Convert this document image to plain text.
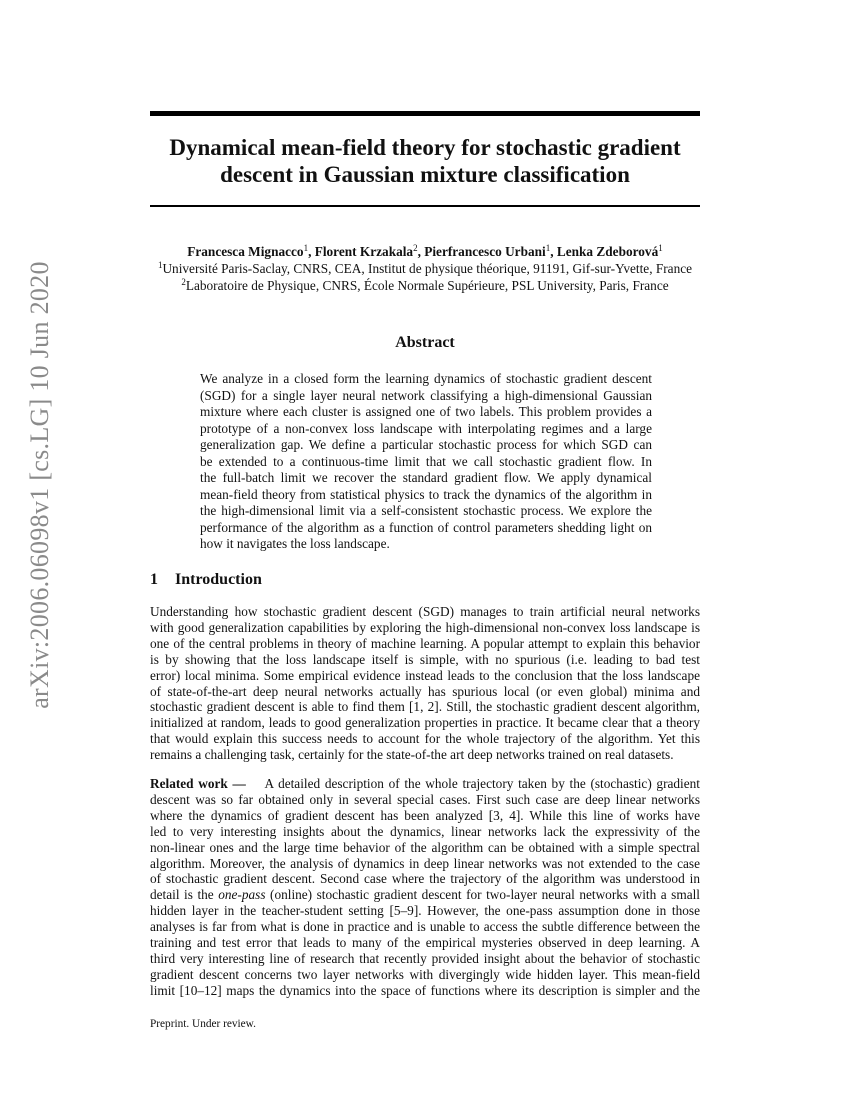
arXiv:2006.06098v1 [cs.LG] 10 Jun 2020
Dynamical mean-field theory for stochastic gradient
descent in Gaussian mixture classification
Francesca Mignacco$^1$, Florent Krzakala$^2$, Pierfrancesco Urbani$^1$, Lenka Zdeborová$^1$
$^1$Université Paris-Saclay, CNRS, CEA, Institut de physique théorique, 91191, Gif-sur-Yvette, France
$^2$Laboratoire de Physique, CNRS, École Normale Supérieure, PSL University, Paris, France
Abstract

We analyze in a closed form the learning dynamics of stochastic gradient descent
(SGD) for a single layer neural network classifying a high-dimensional Gaussian
mixture where each cluster is assigned one of two labels. This problem provides a
prototype of a non-convex loss landscape with interpolating regimes and a large
generalization gap. We define a particular stochastic process for which SGD can
be extended to a continuous-time limit that we call stochastic gradient flow. In
the full-batch limit we recover the standard gradient flow. We apply dynamical
mean-field theory from statistical physics to track the dynamics of the algorithm in
the high-dimensional limit via a self-consistent stochastic process. We explore the
performance of the algorithm as a function of control parameters shedding light on
how it navigates the loss landscape.

1 Introduction

Understanding how stochastic gradient descent (SGD) manages to train artificial neural networks
with good generalization capabilities by exploring the high-dimensional non-convex loss landscape is
one of the central problems in theory of machine learning. A popular attempt to explain this behavior
is by showing that the loss landscape itself is simple, with no spurious (i.e. leading to bad test
error) local minima. Some empirical evidence instead leads to the conclusion that the loss landscape
of state-of-the-art deep neural networks actually has spurious local (or even global) minima and
stochastic gradient descent is able to find them [1, 2]. Still, the stochastic gradient descent algorithm,
initialized at random, leads to good generalization properties in practice. It became clear that a theory
that would explain this success needs to account for the whole trajectory of the algorithm. Yet this
remains a challenging task, certainly for the state-of-the art deep networks trained on real datasets.

Related work — A detailed description of the whole trajectory taken by the (stochastic) gradient
descent was so far obtained only in several special cases. First such case are deep linear networks
where the dynamics of gradient descent has been analyzed [3, 4]. While this line of works have
led to very interesting insights about the dynamics, linear networks lack the expressivity of the
non-linear ones and the large time behavior of the algorithm can be obtained with a simple spectral
algorithm. Moreover, the analysis of dynamics in deep linear networks was not extended to the case
of stochastic gradient descent. Second case where the trajectory of the algorithm was understood in
detail is the one-pass (online) stochastic gradient descent for two-layer neural networks with a small
hidden layer in the teacher-student setting [5–9]. However, the one-pass assumption done in those
analyses is far from what is done in practice and is unable to access the subtle difference between the
training and test error that leads to many of the empirical mysteries observed in deep learning. A
third very interesting line of research that recently provided insight about the behavior of stochastic
gradient descent concerns two layer networks with divergingly wide hidden layer. This mean-field
limit [10–12] maps the dynamics into the space of functions where its description is simpler and the

Preprint. Under review.
